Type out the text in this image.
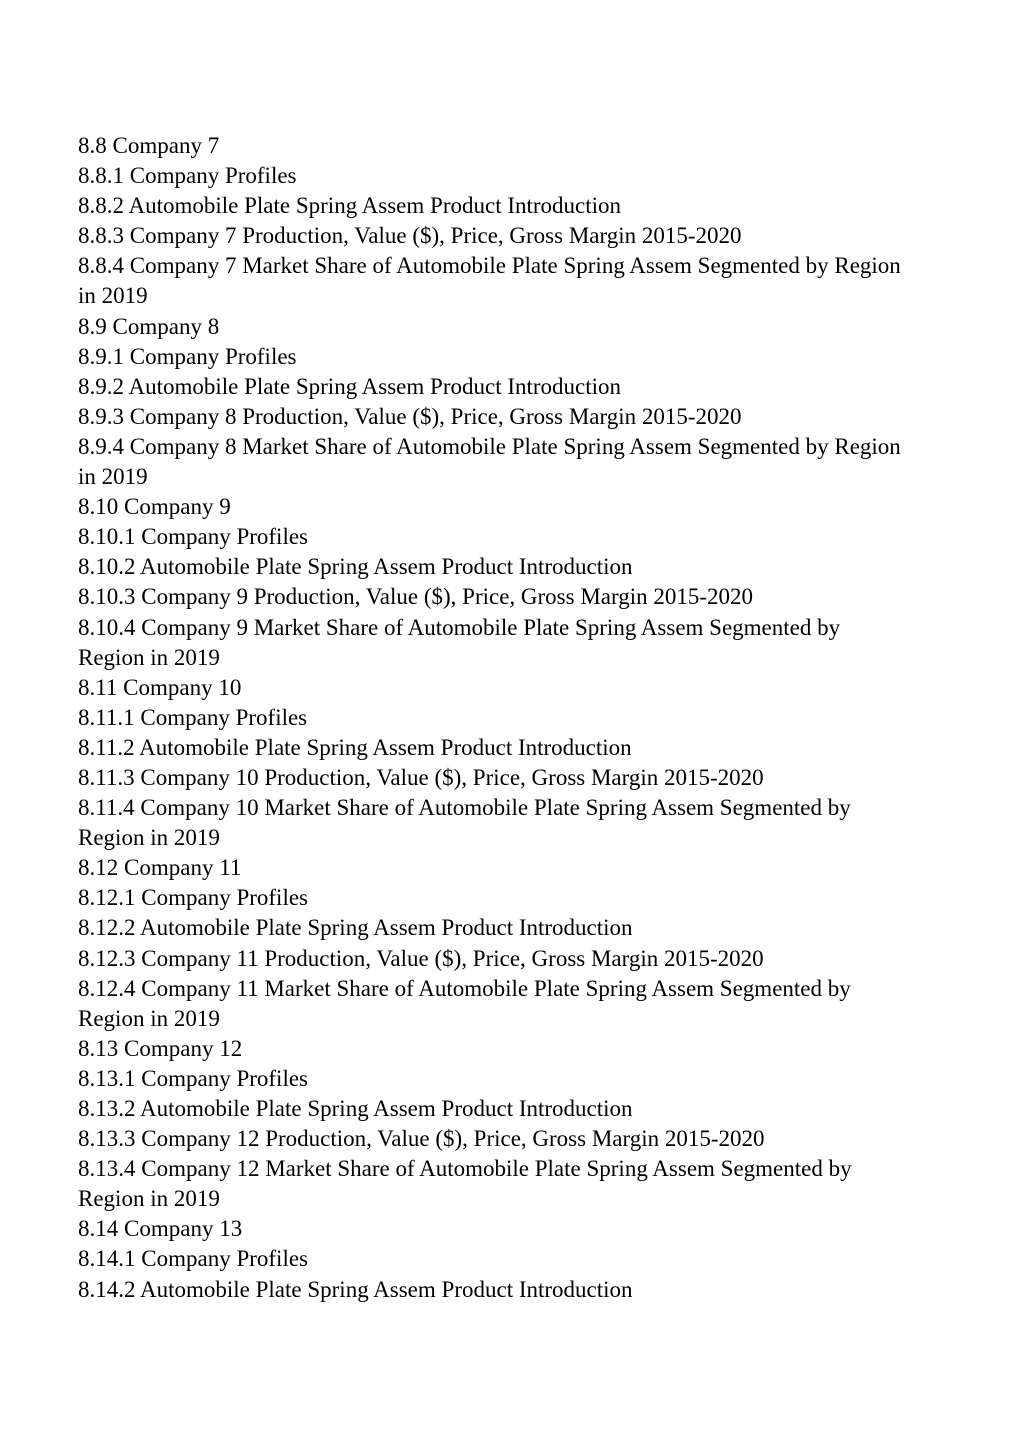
8.8 Company 7

8.8.1 Company Profiles

8.8.2 Automobile Plate Spring Assem Product Introduction

8.8.3 Company 7 Production, Value ($), Price, Gross Margin 2015-2020

8.8.4 Company 7 Market Share of Automobile Plate Spring Assem Segmented by Region

in 2019

8.9 Company 8

8.9.1 Company Profiles

8.9.2 Automobile Plate Spring Assem Product Introduction

8.9.3 Company 8 Production, Value ($), Price, Gross Margin 2015-2020

8.9.4 Company 8 Market Share of Automobile Plate Spring Assem Segmented by Region

in 2019

8.10 Company 9

8.10.1 Company Profiles

8.10.2 Automobile Plate Spring Assem Product Introduction

8.10.3 Company 9 Production, Value ($), Price, Gross Margin 2015-2020

8.10.4 Company 9 Market Share of Automobile Plate Spring Assem Segmented by

Region in 2019

8.11 Company 10

8.11.1 Company Profiles

8.11.2 Automobile Plate Spring Assem Product Introduction

8.11.3 Company 10 Production, Value ($), Price, Gross Margin 2015-2020

8.11.4 Company 10 Market Share of Automobile Plate Spring Assem Segmented by

Region in 2019

8.12 Company 11

8.12.1 Company Profiles

8.12.2 Automobile Plate Spring Assem Product Introduction

8.12.3 Company 11 Production, Value ($), Price, Gross Margin 2015-2020

8.12.4 Company 11 Market Share of Automobile Plate Spring Assem Segmented by

Region in 2019

8.13 Company 12

8.13.1 Company Profiles

8.13.2 Automobile Plate Spring Assem Product Introduction

8.13.3 Company 12 Production, Value ($), Price, Gross Margin 2015-2020

8.13.4 Company 12 Market Share of Automobile Plate Spring Assem Segmented by

Region in 2019

8.14 Company 13

8.14.1 Company Profiles

8.14.2 Automobile Plate Spring Assem Product Introduction
